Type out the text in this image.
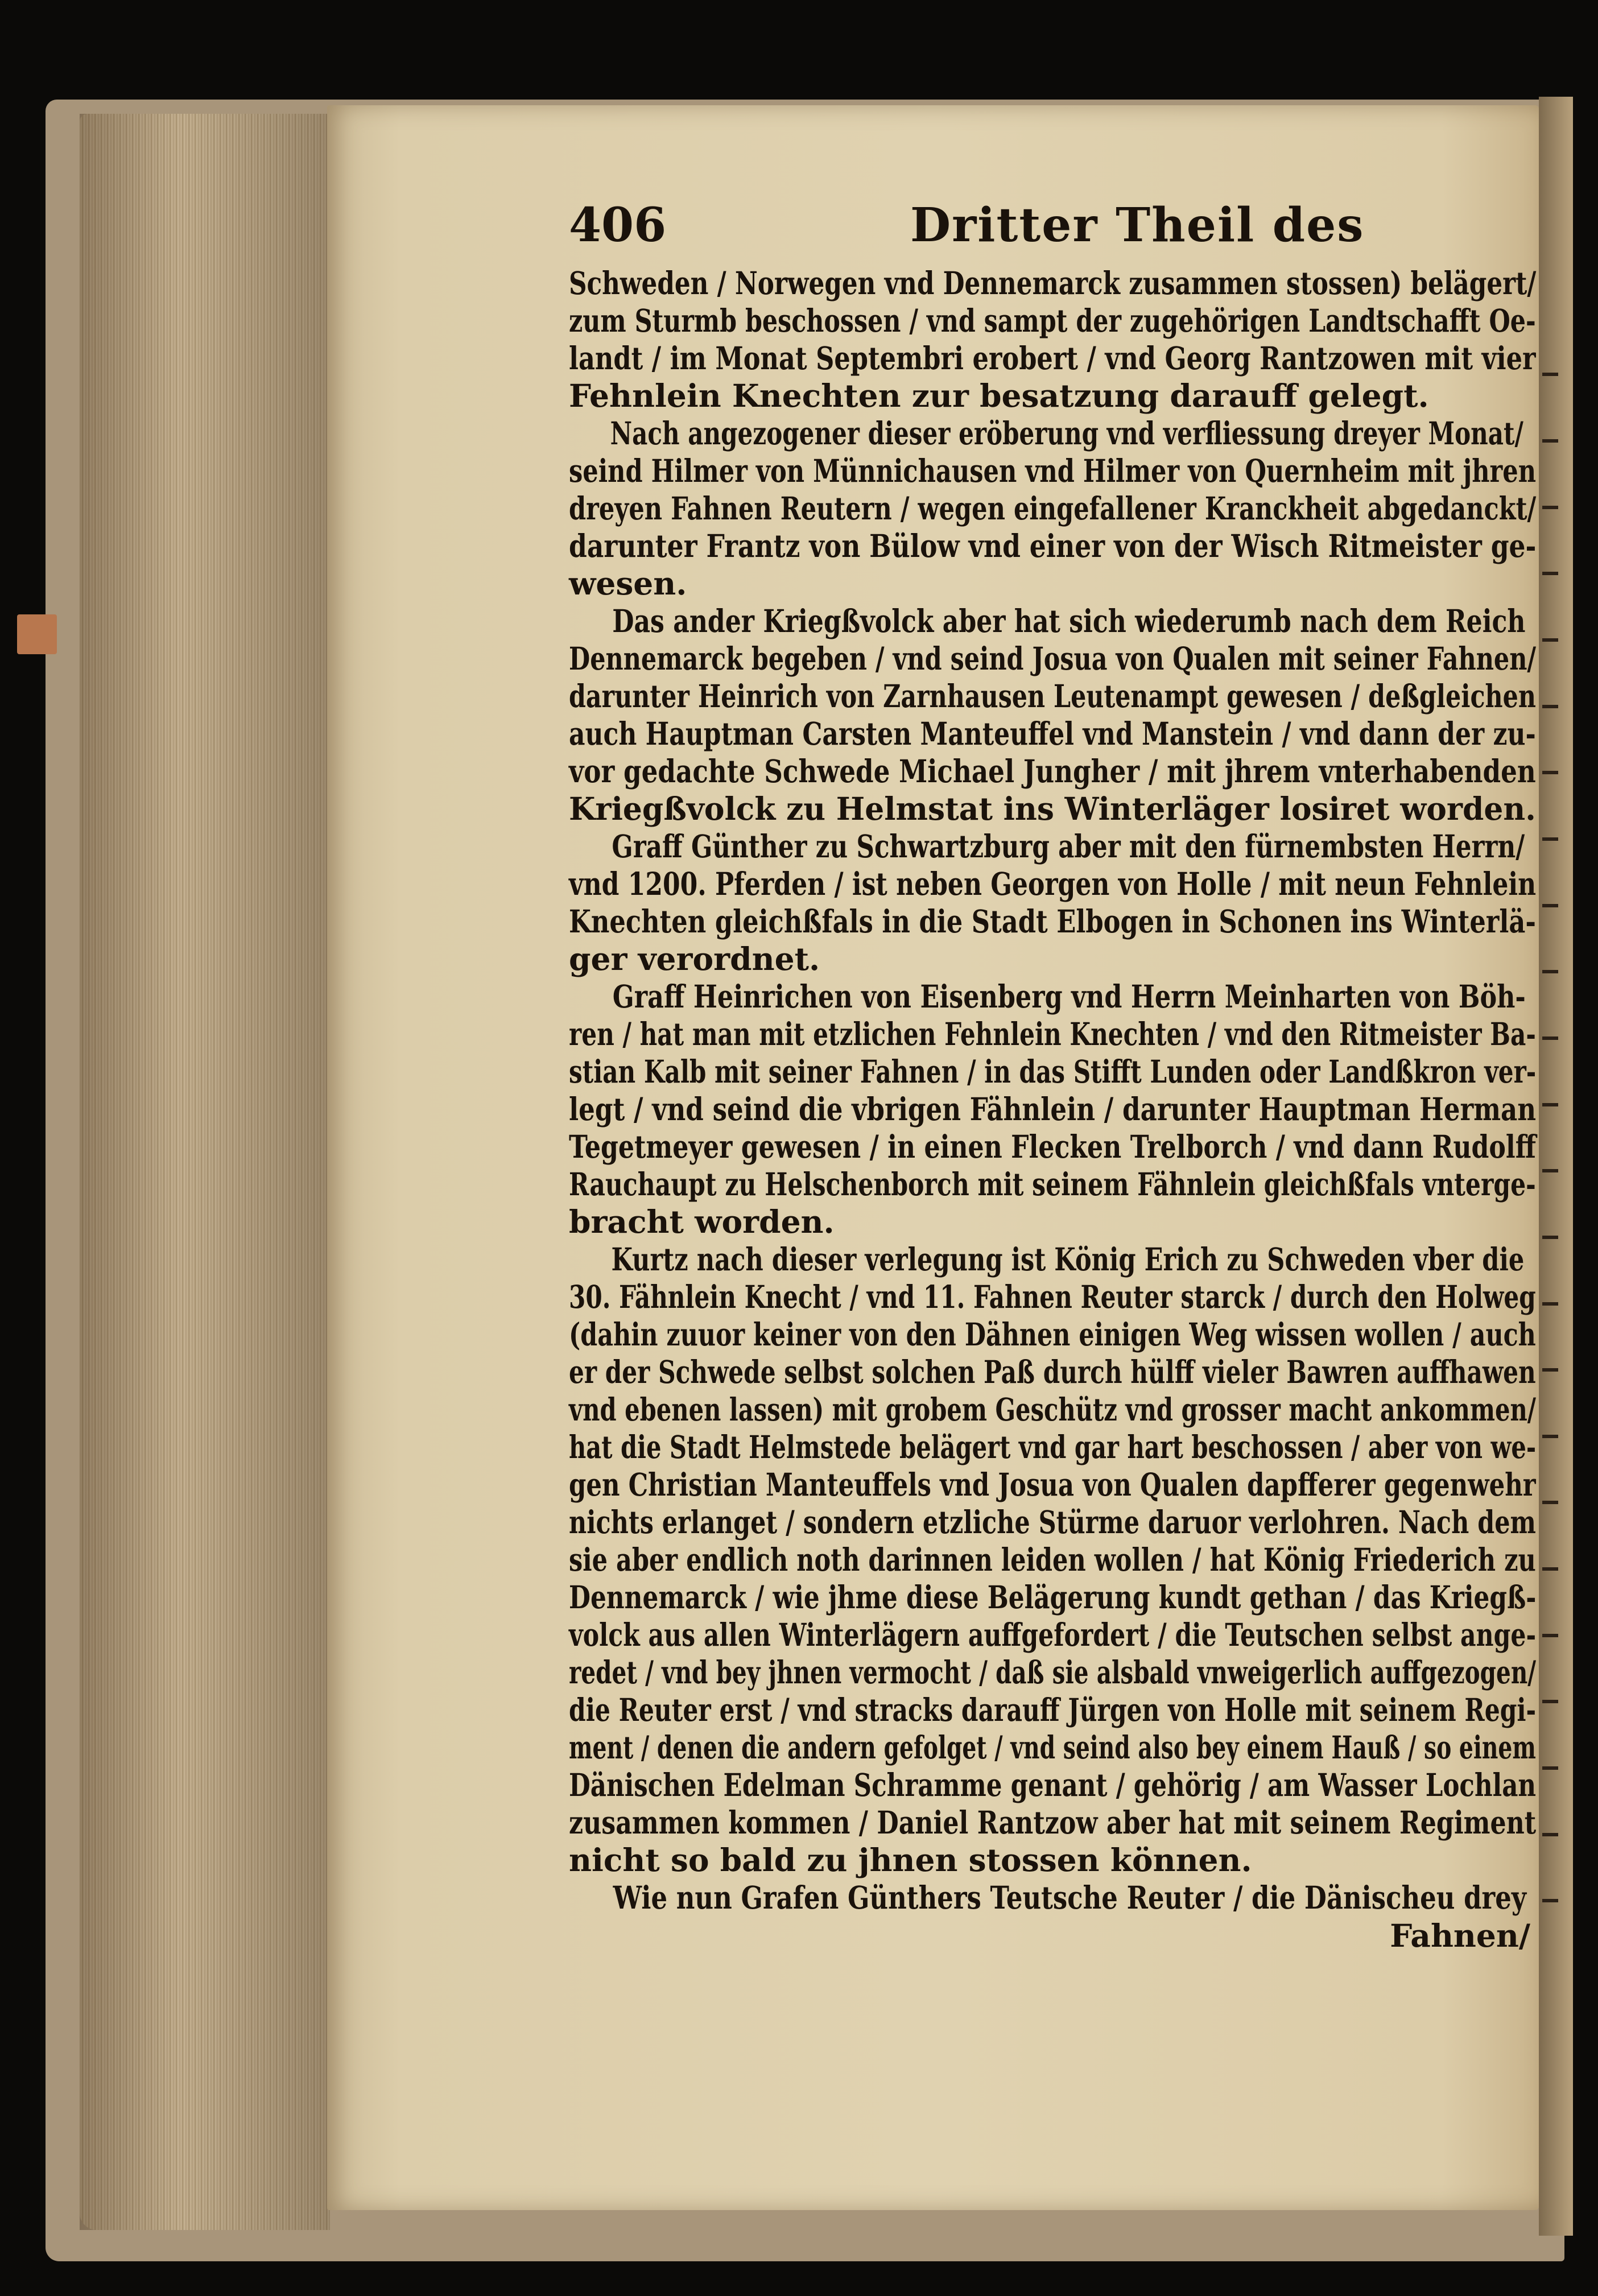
406	Dritter Theil des
Schweden / Norwegen vnd Dennemarck zusammen stossen) belägert/
zum Sturmb beschossen / vnd sampt der zugehörigen Landtschafft Oe-
landt / im Monat Septembri erobert / vnd Georg Rantzowen mit vier
Fehnlein Knechten zur besatzung darauff gelegt.
Nach angezogener dieser eröberung vnd verfliessung dreyer Monat/
seind Hilmer von Münnichausen vnd Hilmer von Quernheim mit jhren
dreyen Fahnen Reutern / wegen eingefallener Kranckheit abgedanckt/
darunter Frantz von Bülow vnd einer von der Wisch Ritmeister ge-
wesen.
Das ander Kriegßvolck aber hat sich wiederumb nach dem Reich
Dennemarck begeben / vnd seind Josua von Qualen mit seiner Fahnen/
darunter Heinrich von Zarnhausen Leutenampt gewesen / deßgleichen
auch Hauptman Carsten Manteuffel vnd Manstein / vnd dann der zu-
vor gedachte Schwede Michael Jungher / mit jhrem vnterhabenden
Kriegßvolck zu Helmstat ins Winterläger losiret worden.
Graff Günther zu Schwartzburg aber mit den fürnembsten Herrn/
vnd 1200. Pferden / ist neben Georgen von Holle / mit neun Fehnlein
Knechten gleichßfals in die Stadt Elbogen in Schonen ins Winterlä-
ger verordnet.
Graff Heinrichen von Eisenberg vnd Herrn Meinharten von Böh-
ren / hat man mit etzlichen Fehnlein Knechten / vnd den Ritmeister Ba-
stian Kalb mit seiner Fahnen / in das Stifft Lunden oder Landßkron ver-
legt / vnd seind die vbrigen Fähnlein / darunter Hauptman Herman
Tegetmeyer gewesen / in einen Flecken Trelborch / vnd dann Rudolff
Rauchaupt zu Helschenborch mit seinem Fähnlein gleichßfals vnterge-
bracht worden.
Kurtz nach dieser verlegung ist König Erich zu Schweden vber die
30. Fähnlein Knecht / vnd 11. Fahnen Reuter starck / durch den Holweg
(dahin zuuor keiner von den Dähnen einigen Weg wissen wollen / auch
er der Schwede selbst solchen Paß durch hülff vieler Bawren auffhawen
vnd ebenen lassen) mit grobem Geschütz vnd grosser macht ankommen/
hat die Stadt Helmstede belägert vnd gar hart beschossen / aber von we-
gen Christian Manteuffels vnd Josua von Qualen dapfferer gegenwehr
nichts erlanget / sondern etzliche Stürme daruor verlohren. Nach dem
sie aber endlich noth darinnen leiden wollen / hat König Friederich zu
Dennemarck / wie jhme diese Belägerung kundt gethan / das Kriegß-
volck aus allen Winterlägern auffgefordert / die Teutschen selbst ange-
redet / vnd bey jhnen vermocht / daß sie alsbald vnweigerlich auffgezogen/
die Reuter erst / vnd stracks darauff Jürgen von Holle mit seinem Regi-
ment / denen die andern gefolget / vnd seind also bey einem Hauß / so einem
Dänischen Edelman Schramme genant / gehörig / am Wasser Lochlan
zusammen kommen / Daniel Rantzow aber hat mit seinem Regiment
nicht so bald zu jhnen stossen können.
Wie nun Grafen Günthers Teutsche Reuter / die Dänischeu drey
Fahnen/
